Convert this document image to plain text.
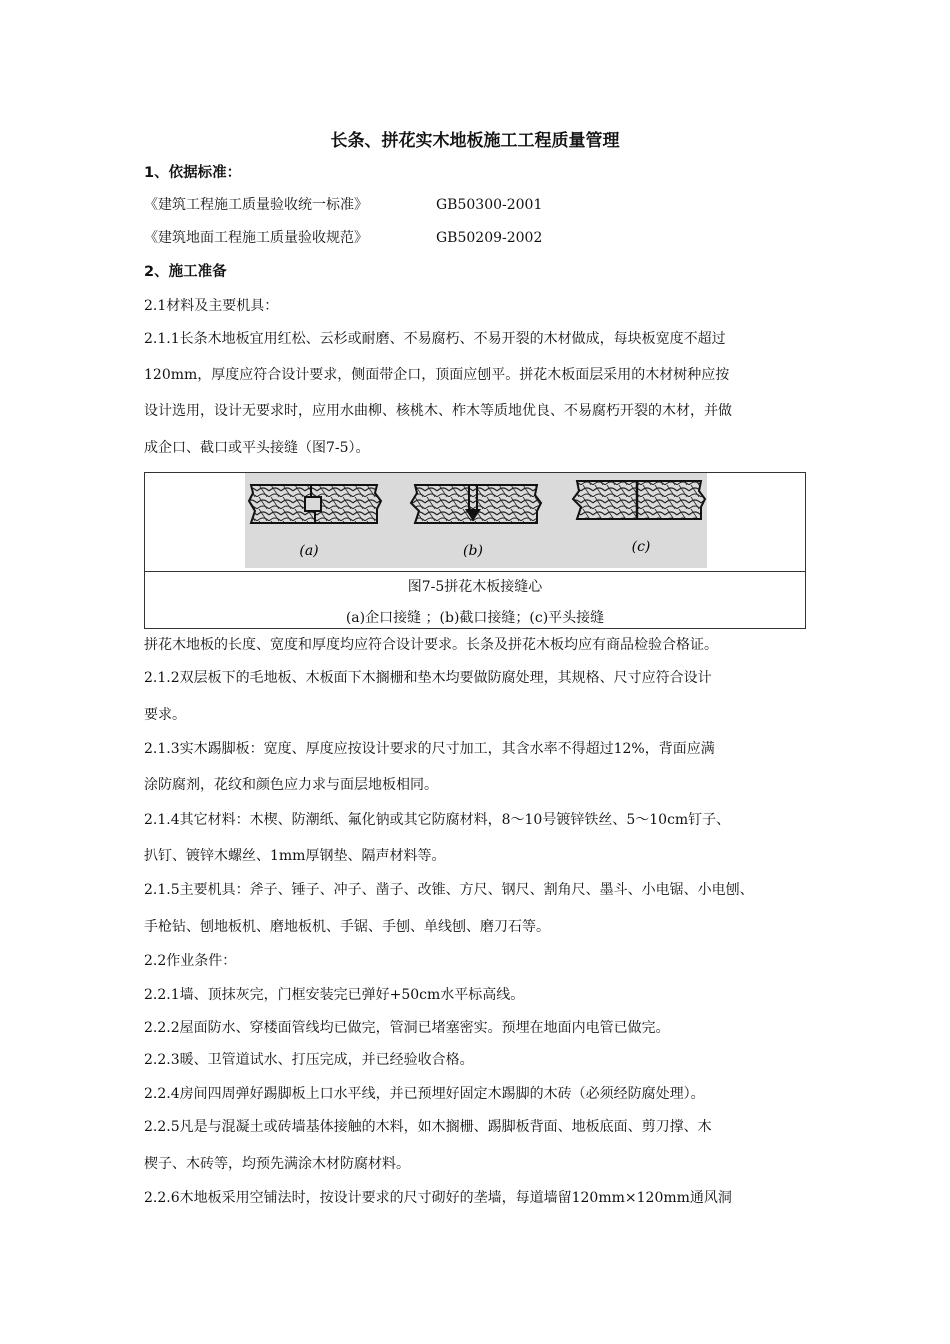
长条、拼花实木地板施工工程质量管理
1、依据标准：
《建筑工程施工质量验收统一标准》	GB50300-2001
《建筑地面工程施工质量验收规范》	GB50209-2002
2、施工准备
2.1材料及主要机具：
2.1.1长条木地板宜用红松、云杉或耐磨、不易腐朽、不易开裂的木材做成，每块板宽度不超过
120mm，厚度应符合设计要求，侧面带企口，顶面应刨平。拼花木板面层采用的木材树种应按
设计选用，设计无要求时，应用水曲柳、核桃木、柞木等质地优良、不易腐朽开裂的木材，并做
成企口、截口或平头接缝（图7-5）。
(a)	(b)	(c)
图7-5拼花木板接缝心
(a)企口接缝 ；(b)截口接缝；(c)平头接缝
拼花木地板的长度、宽度和厚度均应符合设计要求。长条及拼花木板均应有商品检验合格证。
2.1.2双层板下的毛地板、木板面下木搁栅和垫木均要做防腐处理，其规格、尺寸应符合设计
要求。
2.1.3实木踢脚板：宽度、厚度应按设计要求的尺寸加工，其含水率不得超过12%，背面应满
涂防腐剂，花纹和颜色应力求与面层地板相同。
2.1.4其它材料：木楔、防潮纸、氟化钠或其它防腐材料，8～10号镀锌铁丝、5～10cm钉子、
扒钉、镀锌木螺丝、1mm厚钢垫、隔声材料等。
2.1.5主要机具：斧子、锤子、冲子、凿子、改锥、方尺、钢尺、割角尺、墨斗、小电锯、小电刨、
手枪钻、刨地板机、磨地板机、手锯、手刨、单线刨、磨刀石等。
2.2作业条件：
2.2.1墙、顶抹灰完，门框安装完已弹好+50cm水平标高线。
2.2.2屋面防水、穿楼面管线均已做完，管洞已堵塞密实。预埋在地面内电管已做完。
2.2.3暖、卫管道试水、打压完成，并已经验收合格。
2.2.4房间四周弹好踢脚板上口水平线，并已预埋好固定木踢脚的木砖（必须经防腐处理）。
2.2.5凡是与混凝土或砖墙基体接触的木料，如木搁栅、踢脚板背面、地板底面、剪刀撑、木
楔子、木砖等，均预先满涂木材防腐材料。
2.2.6木地板采用空铺法时，按设计要求的尺寸砌好的垄墙，每道墙留120mm×120mm通风洞
